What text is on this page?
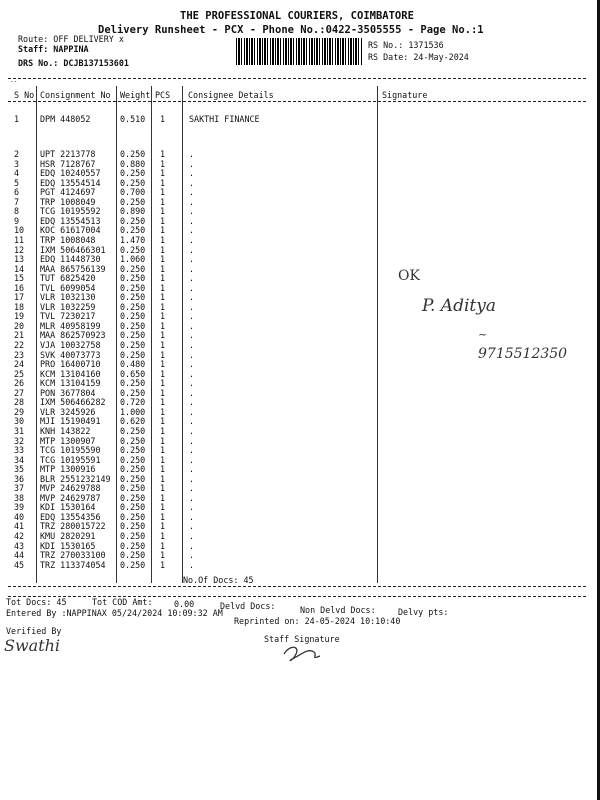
THE PROFESSIONAL COURIERS, COIMBATORE
Delivery Runsheet - PCX - Phone No.:0422-3505555 - Page No.:1
Route: OFF DELIVERY x
Staff: NAPPINA
DRS No.: DCJB137153601
RS No.: 1371536
RS Date: 24-May-2024
--
S No Consignment No Weight PCS Consignee Details	Signature
1 DPM 448052	0.510 1	SAKTHI FINANCE
2 UPT 2213778	0.250 1	.
3 HSR 7128767	0.880 1	.
4 EDQ 10240557 0.250 1	.
5 EDQ 13554514 0.250 1	.
6 PGT 4124697	0.700 1	.
7 TRP 1008049	0.250 1	.
8 TCG 10195592 0.890 1	.
9 EDQ 13554513 0.250 1	.
10 KOC 61617004 0.250 1	.
11 TRP 1008048	1.470 1	.
12 IXM 506466301 0.250 1	.
13 EDQ 11448730 1.060 1	.
14 MAA 865756139 0.250 1	.
15 TUT 6825420	0.250 1	.
16 TVL 6099054	0.250 1	.
17 VLR 1032130	0.250 1	.
18 VLR 1032259	0.250 1	.
19 TVL 7230217	0.250 1	.
20 MLR 40958199 0.250 1	.
21 MAA 862570923 0.250 1	.
22 VJA 10032758 0.250 1	.
23 SVK 40073773 0.250 1	.
24 PRO 16400710 0.480 1	.
25 KCM 13104160 0.650 1	.
26 KCM 13104159 0.250 1	.
27 PON 3677804	0.250 1	.
28 IXM 506466282 0.720 1	.
29 VLR 3245926	1.000 1	.
30 MJI 15190491 0.620 1	.
31 KNH 143822	0.250 1	.
32 MTP 1300907	0.250 1	.
33 TCG 10195590 0.250 1	.
34 TCG 10195591 0.250 1	.
35 MTP 1300916	0.250 1	.
36 BLR 2551232149 0.250 1	.
37 MVP 24629788 0.250 1	.
38 MVP 24629787 0.250 1	.
39 KDI 1530164	0.250 1	.
40 EDQ 13554356 0.250 1	.
41 TRZ 280015722 0.250 1	.
42 KMU 2820291	0.250 1	.
43 KDI 1530165	0.250 1	.
44 TRZ 270033100 0.250 1	.
45 TRZ 113374054 0.250 1	.
No.Of Docs: 45
OK
P. Aditya
~
9715512350
Tot Docs: 45	Tot COD Amt:	0.00	Delvd Docs:	Non Delvd Docs:	Delvy pts:
Entered By :NAPPINAX 05/24/2024 10:09:32 AM
Reprinted on: 24-05-2024 10:10:40
Verified By
Swathi	Staff Signature
